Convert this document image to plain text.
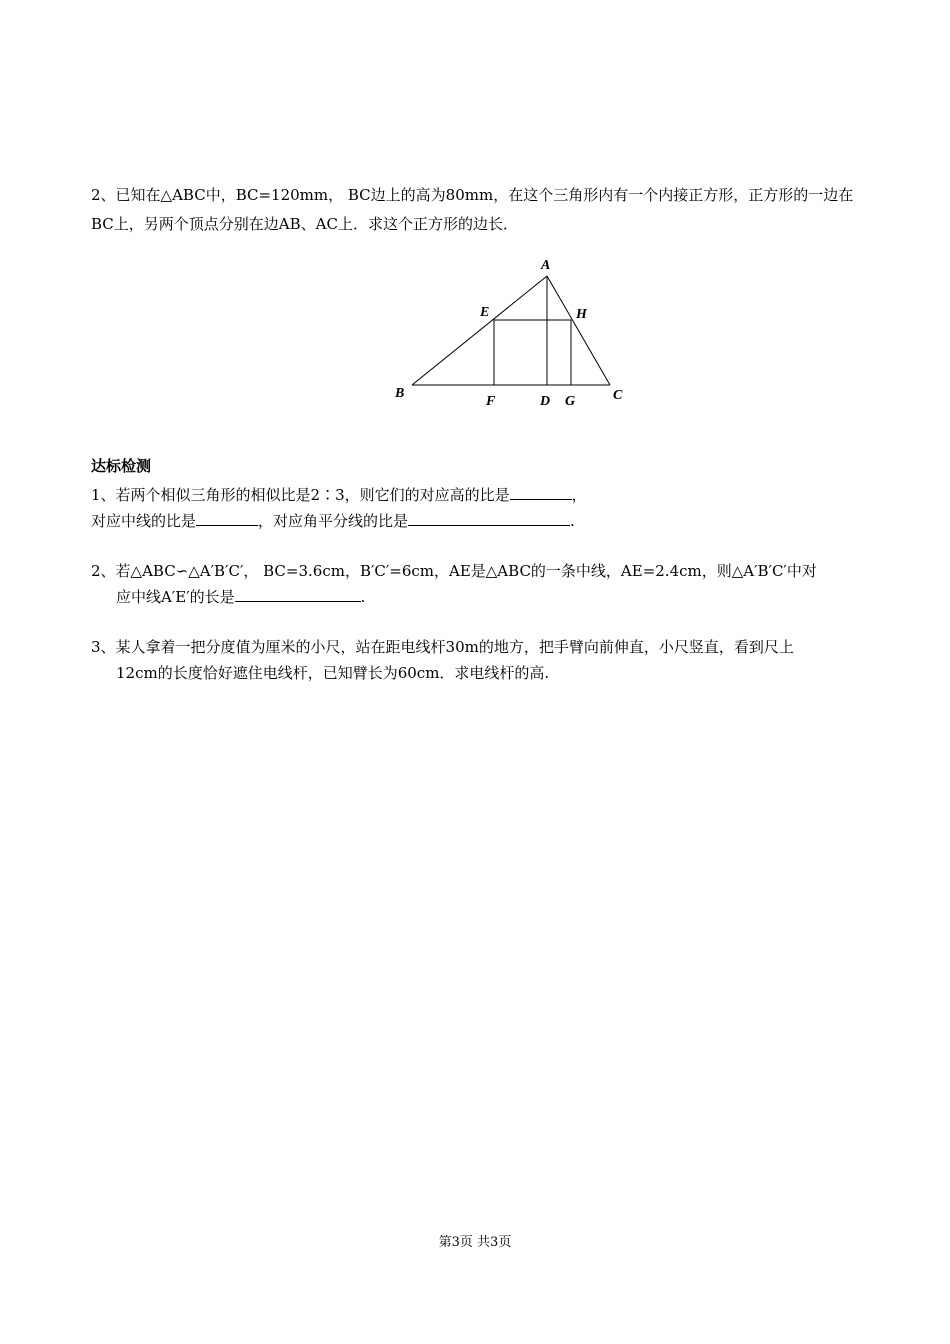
2、已知在△ABC中，BC=120mm， BC边上的高为80mm，在这个三角形内有一个内接正方形，正方形的一边在
BC上，另两个顶点分别在边AB、AC上．求这个正方形的边长．
A
B	C
D
E
F	G
H
达标检测
1、若两个相似三角形的相似比是2∶3，则它们的对应高的比是	，
对应中线的比是	，对应角平分线的比是	.
2、若△ABC∽△A′B′C′， BC=3.6cm，B′C′=6cm，AE是△ABC的一条中线，AE=2.4cm，则△A′B′C′中对
应中线A′E′的长是	.
3、某人拿着一把分度值为厘米的小尺，站在距电线杆30m的地方，把手臂向前伸直，小尺竖直，看到尺上
12cm的长度恰好遮住电线杆，已知臂长为60cm．求电线杆的高.
第3页 共3页
